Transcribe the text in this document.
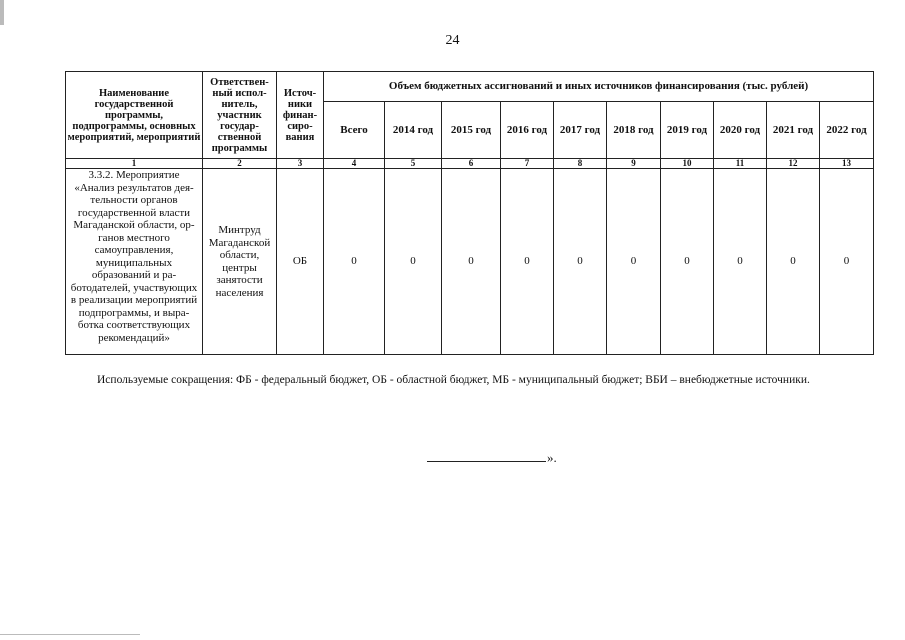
24
Наименование государственной программы, подпрограммы, основных мероприятий, мероприятий	Ответствен-ный испол-нитель, участник государ-ственной программы	Источ-ники финан-сиро-вания	Объем бюджетных ассигнований и иных источников финансирования (тыс. рублей)									
			Всего	2014 год	2015 год	2016 год	2017 год	2018 год	2019 год	2020 год	2021 год	2022 год
1	2	3	4	5	6	7	8	9	10	11	12	13
3.3.2. Мероприятие «Анализ результатов дея-тельности органов государственной власти Магаданской области, ор-ганов местного самоуправления, муниципальных образований и ра-ботодателей, участвующих в реализации мероприятий подпрограммы, и выра-ботка соответствующих рекомендаций»	Минтруд Магаданской области, центры занятости населения	ОБ	0	0	0	0	0	0	0	0	0	0
Используемые сокращения: ФБ - федеральный бюджет, ОБ - областной бюджет, МБ - муниципальный бюджет; ВБИ – внебюджетные источники.
».
